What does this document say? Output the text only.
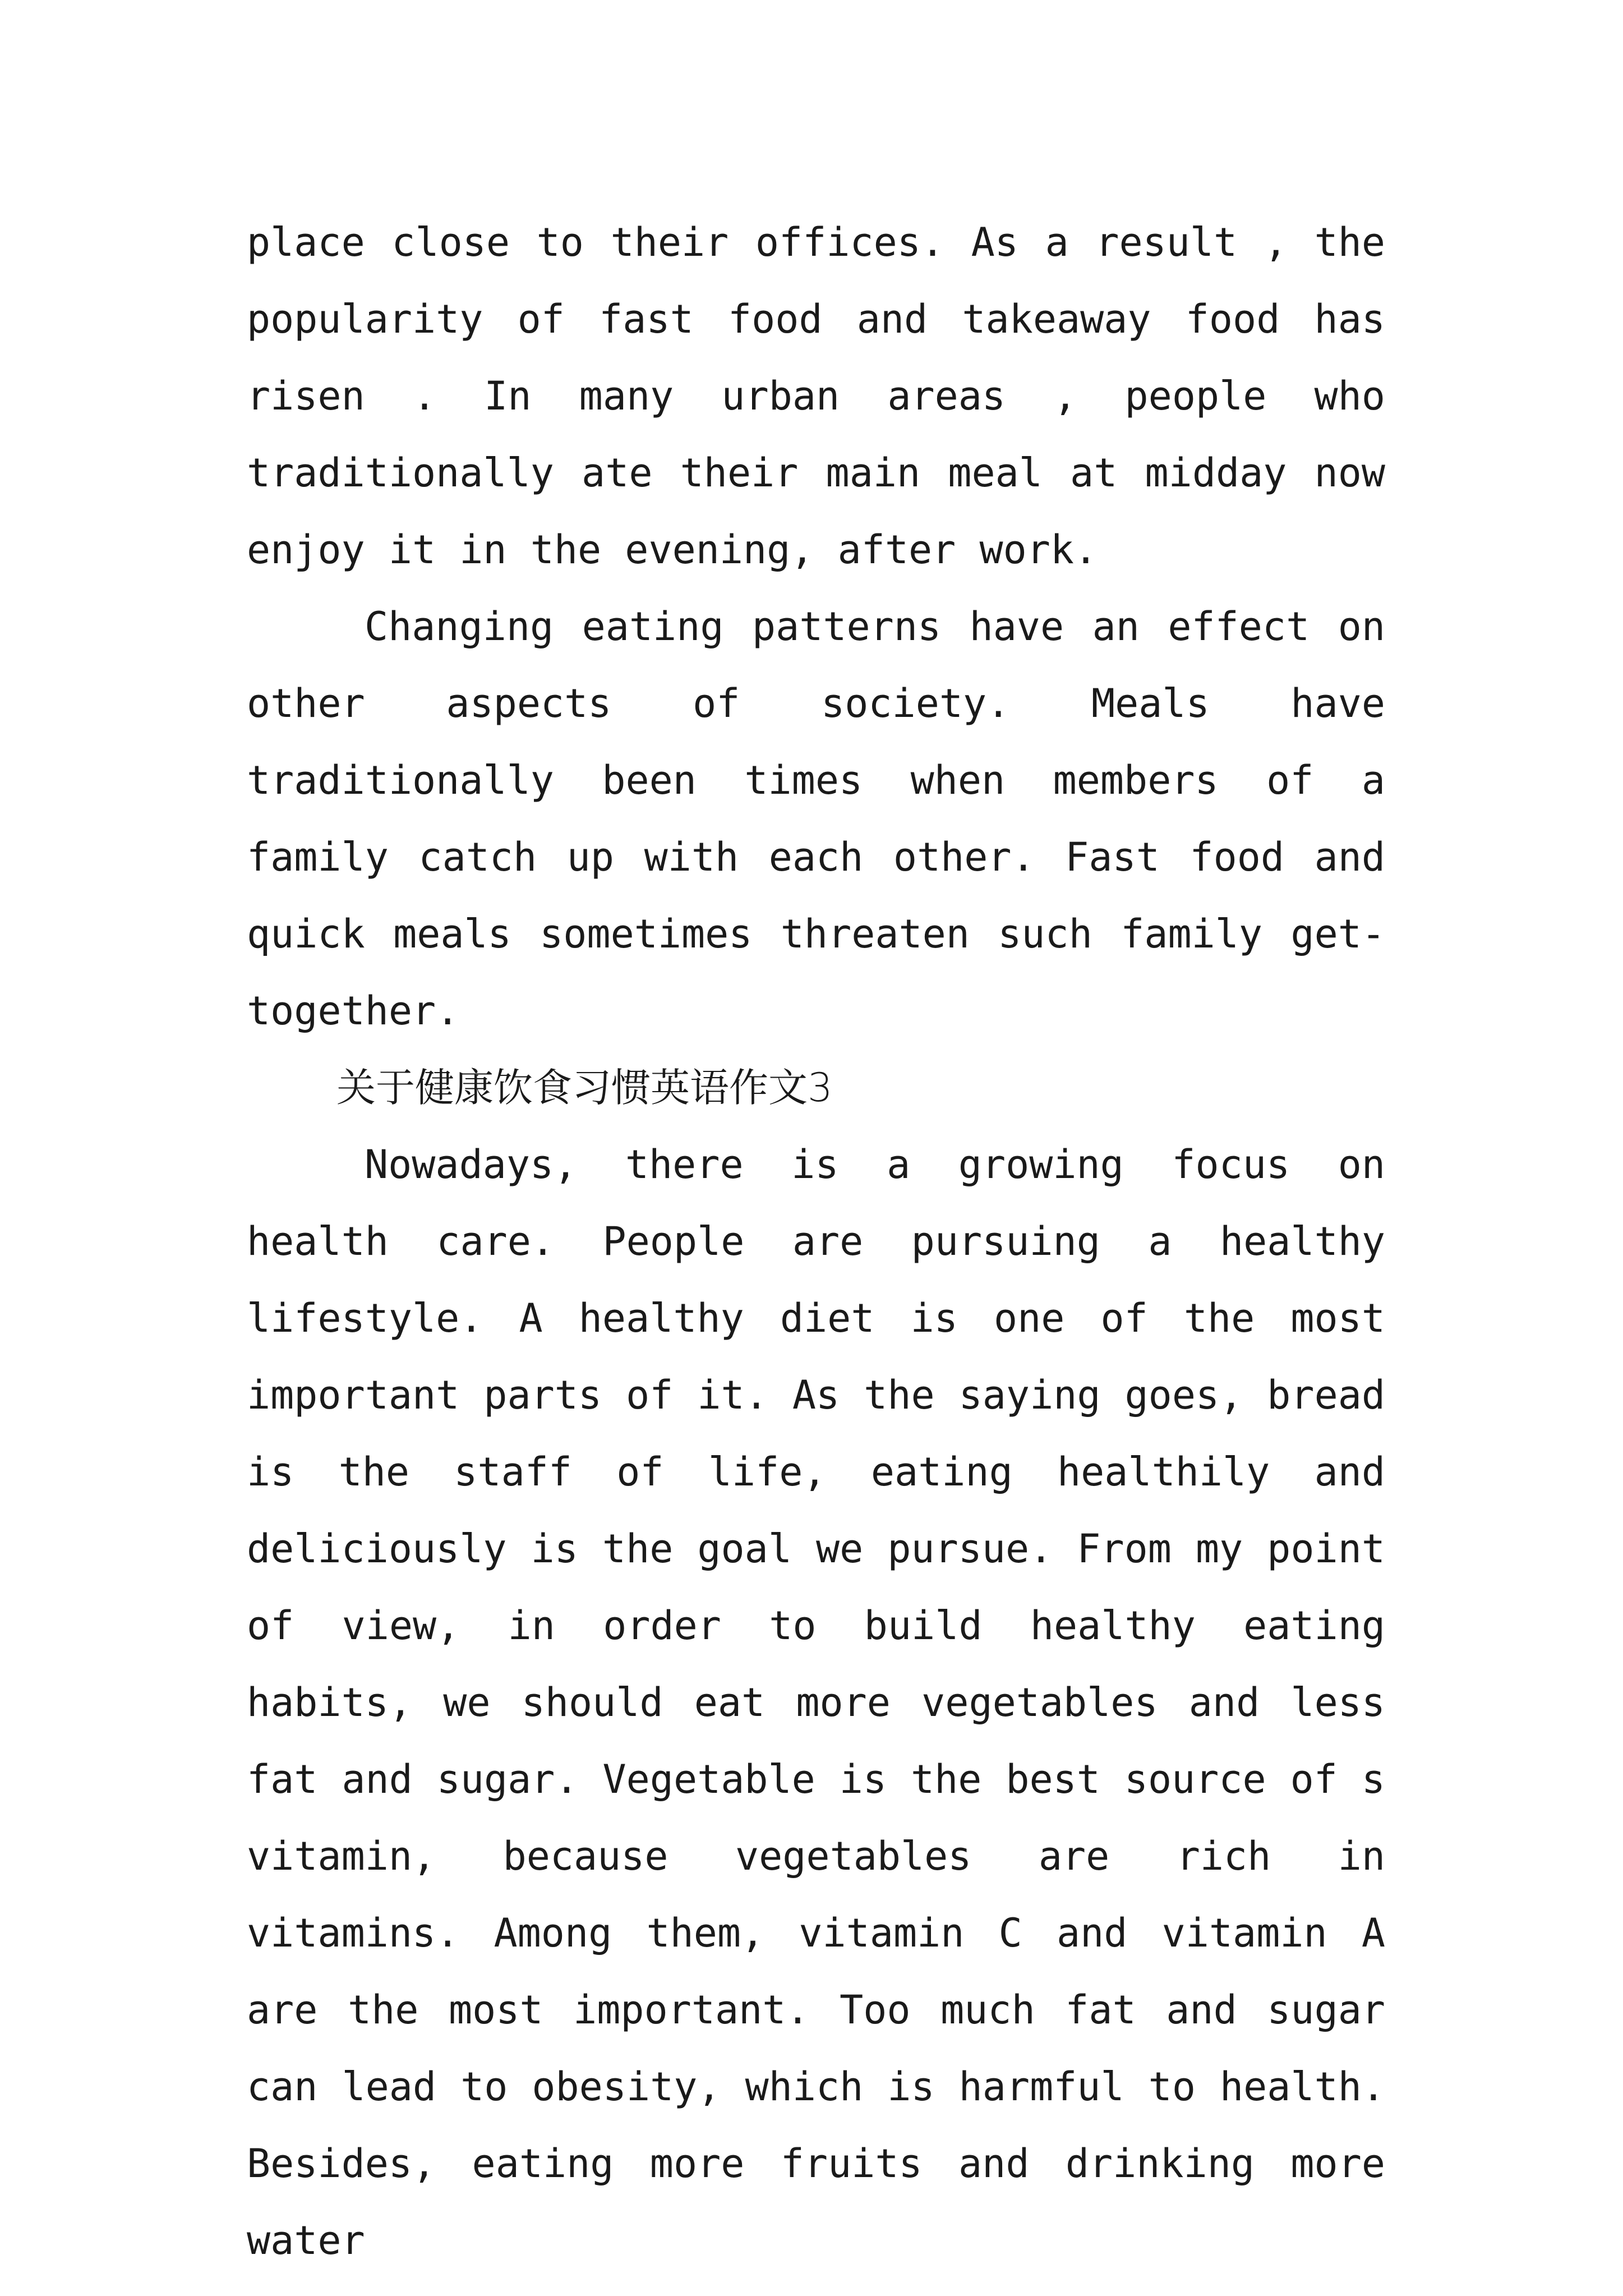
place close to their offices. As a result , the popularity of fast food and takeaway food has risen . In many urban areas , people who traditionally ate their main meal at midday now enjoy it in the evening, after work.

Changing eating patterns have an effect on other aspects of society. Meals have traditionally been times when members of a family catch up with each other. Fast food and quick meals sometimes threaten such family get-together.

关于健康饮食习惯英语作文3

Nowadays, there is a growing focus on health care. People are pursuing a healthy lifestyle. A healthy diet is one of the most important parts of it. As the saying goes, bread is the staff of life, eating healthily and deliciously is the goal we pursue. From my point of view, in order to build healthy eating habits, we should eat more vegetables and less fat and sugar. Vegetable is the best source of s vitamin, because vegetables are rich in vitamins. Among them, vitamin C and vitamin A are the most important. Too much fat and sugar can lead to obesity, which is harmful to health. Besides, eating more fruits and drinking more water
